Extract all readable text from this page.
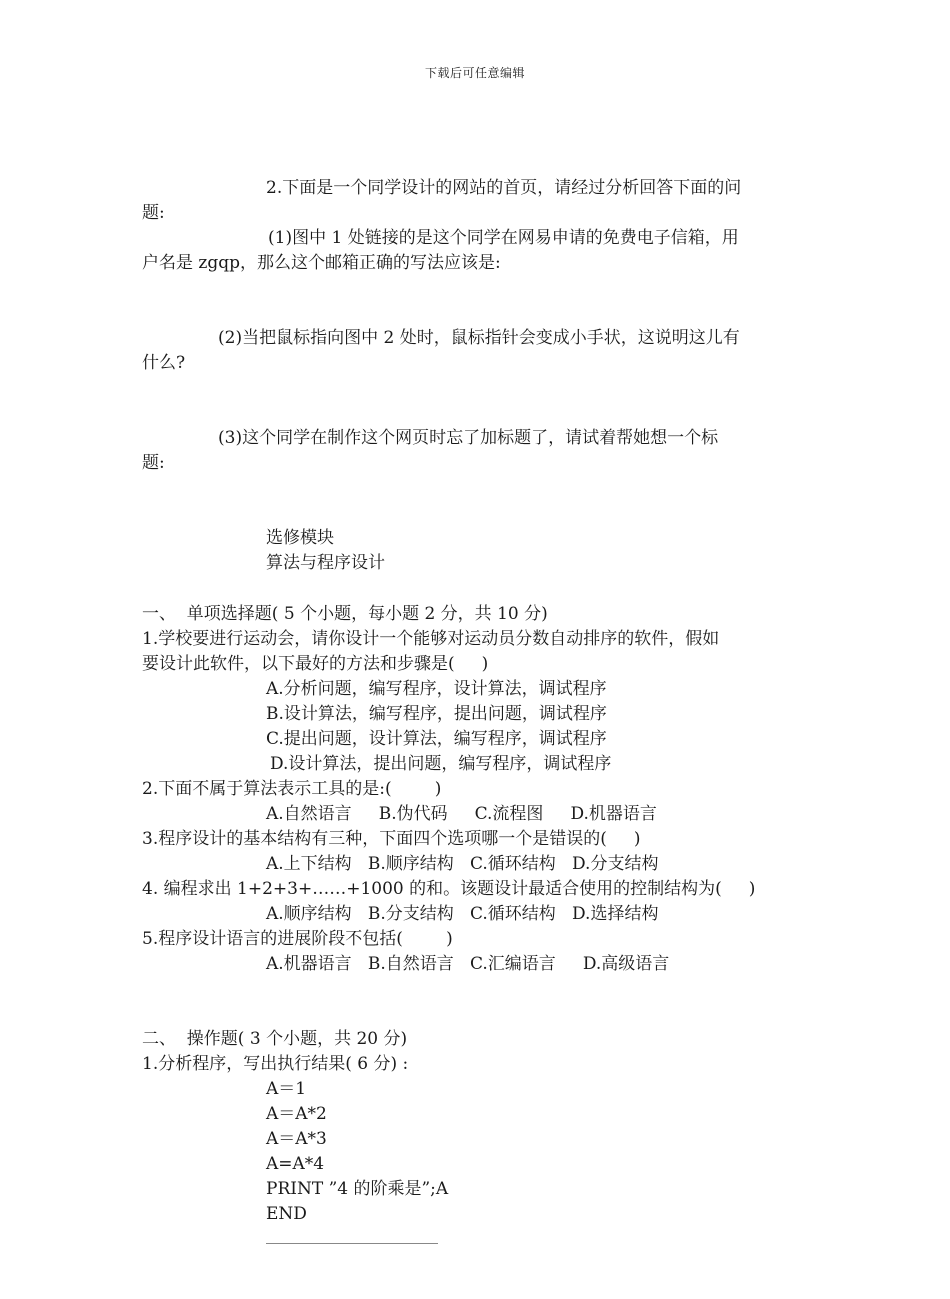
下载后可任意编辑
2.下面是一个同学设计的网站的首页，请经过分析回答下面的问
题:
(1)图中 1 处链接的是这个同学在网易申请的免费电子信箱，用
户名是 zgqp，那么这个邮箱正确的写法应该是:
(2)当把鼠标指向图中 2 处时，鼠标指针会变成小手状，这说明这儿有
什么?
(3)这个同学在制作这个网页时忘了加标题了，请试着帮她想一个标
题:
选修模块
算法与程序设计
一、  单项选择题( 5 个小题，每小题 2 分，共 10 分)
1.学校要进行运动会，请你设计一个能够对运动员分数自动排序的软件，假如
要设计此软件，以下最好的方法和步骤是(     )
A.分析问题，编写程序，设计算法，调试程序
B.设计算法，编写程序，提出问题，调试程序
C.提出问题，设计算法，编写程序，调试程序
D.设计算法，提出问题，编写程序，调试程序
2.下面不属于算法表示工具的是:(        )
A.自然语言     B.伪代码     C.流程图     D.机器语言
3.程序设计的基本结构有三种，下面四个选项哪一个是错误的(     )
A.上下结构   B.顺序结构   C.循环结构   D.分支结构
4. 编程求出 1+2+3+……+1000 的和。该题设计最适合使用的控制结构为(     )
A.顺序结构   B.分支结构   C.循环结构   D.选择结构
5.程序设计语言的进展阶段不包括(        )
A.机器语言   B.自然语言   C.汇编语言     D.高级语言
二、  操作题( 3 个小题，共 20 分)
1.分析程序，写出执行结果( 6 分) :
A＝1
A＝A*2
A＝A*3
A=A*4
PRINT ”4 的阶乘是”;A
END
